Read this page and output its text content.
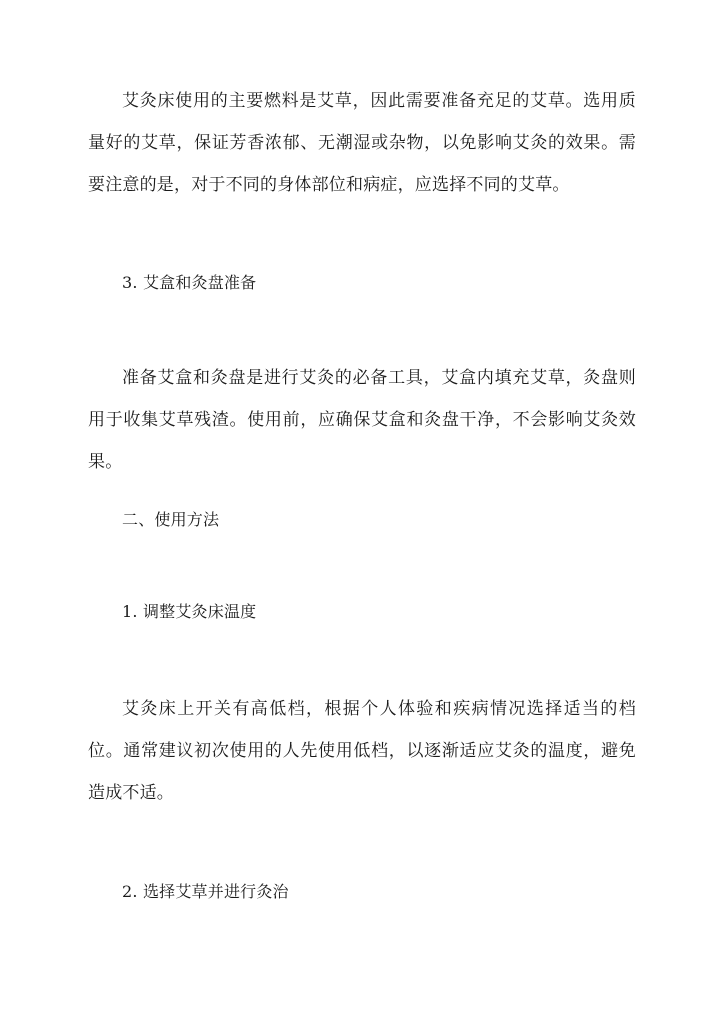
艾灸床使用的主要燃料是艾草，因此需要准备充足的艾草。选用质量好的艾草，保证芳香浓郁、无潮湿或杂物，以免影响艾灸的效果。需要注意的是，对于不同的身体部位和病症，应选择不同的艾草。

3. 艾盒和灸盘准备

准备艾盒和灸盘是进行艾灸的必备工具，艾盒内填充艾草，灸盘则用于收集艾草残渣。使用前，应确保艾盒和灸盘干净，不会影响艾灸效果。

二、使用方法

1. 调整艾灸床温度

艾灸床上开关有高低档，根据个人体验和疾病情况选择适当的档位。通常建议初次使用的人先使用低档，以逐渐适应艾灸的温度，避免造成不适。

2. 选择艾草并进行灸治
